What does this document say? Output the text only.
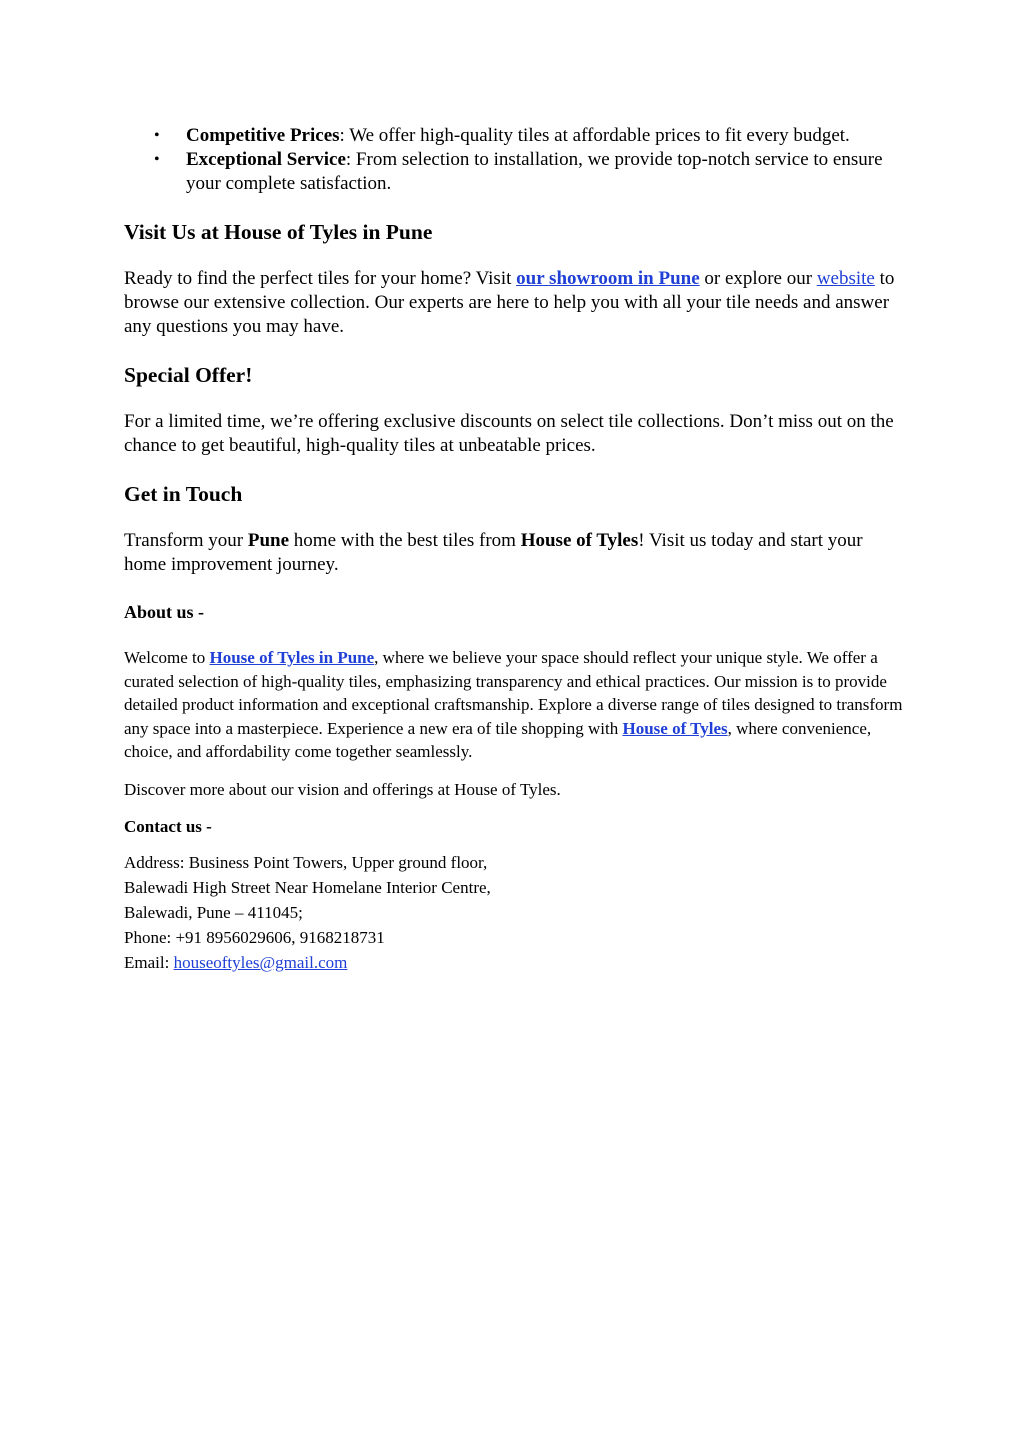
• Competitive Prices: We offer high-quality tiles at affordable prices to fit every budget.
• Exceptional Service: From selection to installation, we provide top-notch service to ensure your complete satisfaction.
Visit Us at House of Tyles in Pune

Ready to find the perfect tiles for your home? Visit our showroom in Pune or explore our website to browse our extensive collection. Our experts are here to help you with all your tile needs and answer any questions you may have.

Special Offer!

For a limited time, we’re offering exclusive discounts on select tile collections. Don’t miss out on the chance to get beautiful, high-quality tiles at unbeatable prices.

Get in Touch

Transform your Pune home with the best tiles from House of Tyles! Visit us today and start your home improvement journey.

About us -

Welcome to House of Tyles in Pune, where we believe your space should reflect your unique style. We offer a curated selection of high-quality tiles, emphasizing transparency and ethical practices. Our mission is to provide detailed product information and exceptional craftsmanship. Explore a diverse range of tiles designed to transform any space into a masterpiece. Experience a new era of tile shopping with House of Tyles, where convenience, choice, and affordability come together seamlessly.

Discover more about our vision and offerings at House of Tyles.

Contact us -
Address: Business Point Towers, Upper ground floor,
Balewadi High Street Near Homelane Interior Centre,
Balewadi, Pune – 411045;
Phone: +91 8956029606, 9168218731
Email: houseoftyles@gmail.com
